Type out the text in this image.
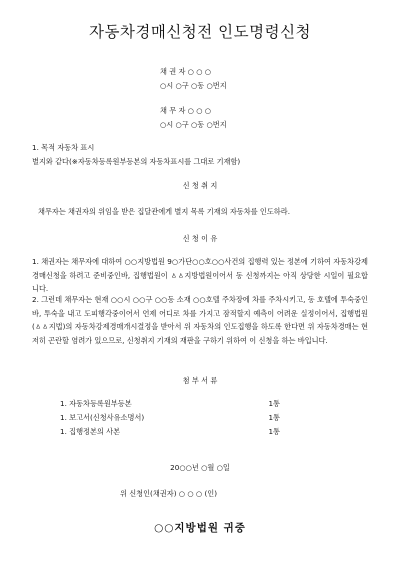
자동차경매신청전 인도명령신청
채 권 자 ○ ○ ○
○시 ○구 ○동 ○번지
채 무 자 ○ ○ ○
○시 ○구 ○동 ○번지
1. 목적 자동차 표시
별지와 같다(※자동차등록원부등본의 자동차표시를 그대로 기재함)
신 청 취 지
채무자는 채권자의 위임을 받은 집달관에게 별지 목록 기재의 자동차를 인도하라.
신 청 이 유
1. 채권자는 채무자에 대하여 ○○지방법원 9○가단○○호○○사건의 집행력 있는 정본에 기하여 자동차강제경매신청을 하려고 준비중인바, 집행법원이 ㅿㅿ지방법원이어서 동 신청까지는 아직 상당한 시일이 필요합니다.
2. 그런데 채무자는 현재 ○○시 ○○구 ○○동 소재 ○○호텔 주차장에 차를 주차시키고, 동 호텔에 투숙중인 바, 투숙을 내고 도피행각중이어서 언제 어디로 차를 가지고 잠적할지 예측이 어려운 실정이어서, 집행법원(ㅿㅿ지법)의 자동차강제경매개시결정을 받아서 위 자동차의 인도집행을 하도록 한다면 위 자동차경매는 현저히 곤란할 염려가 있으므로, 신청취지 기재의 재판을 구하기 위하여 이 신청을 하는 바입니다.
첨 부 서 류
1. 자동차등록원부등본	1통
1. 보고서(신청사유소명서)	1통
1. 집행정본의 사본	1통
20○○년 ○월 ○일
위 신청인(채권자) ○ ○ ○ (인)
○○지방법원 귀중
